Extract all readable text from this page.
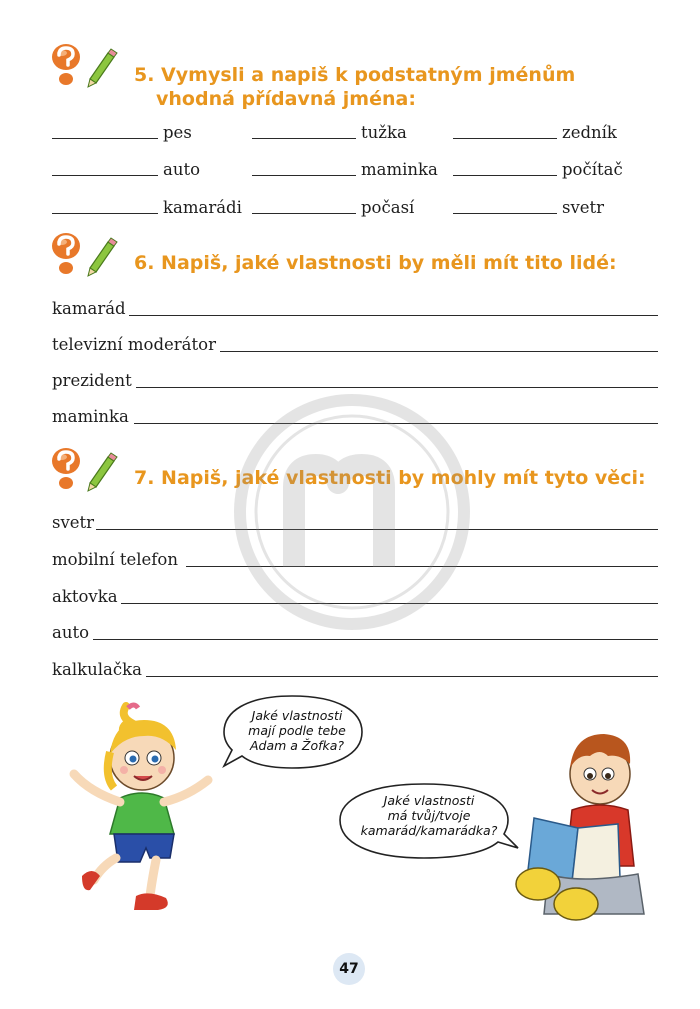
5. Vymysli a napiš k podstatným jménům
vhodná přídavná jména:
pes	tužka	zedník
auto	maminka	počítač
kamarádi	počasí	svetr
6. Napiš, jaké vlastnosti by měli mít tito lidé:
kamarád
televizní moderátor
prezident
maminka
7. Napiš, jaké vlastnosti by mohly mít tyto věci:
svetr
mobilní telefon
aktovka
auto
kalkulačka
Jaké vlastnosti
mají podle tebe
Adam a Žofka?
Jaké vlastnosti
má tvůj/tvoje
kamarád/kamarádka?
47
